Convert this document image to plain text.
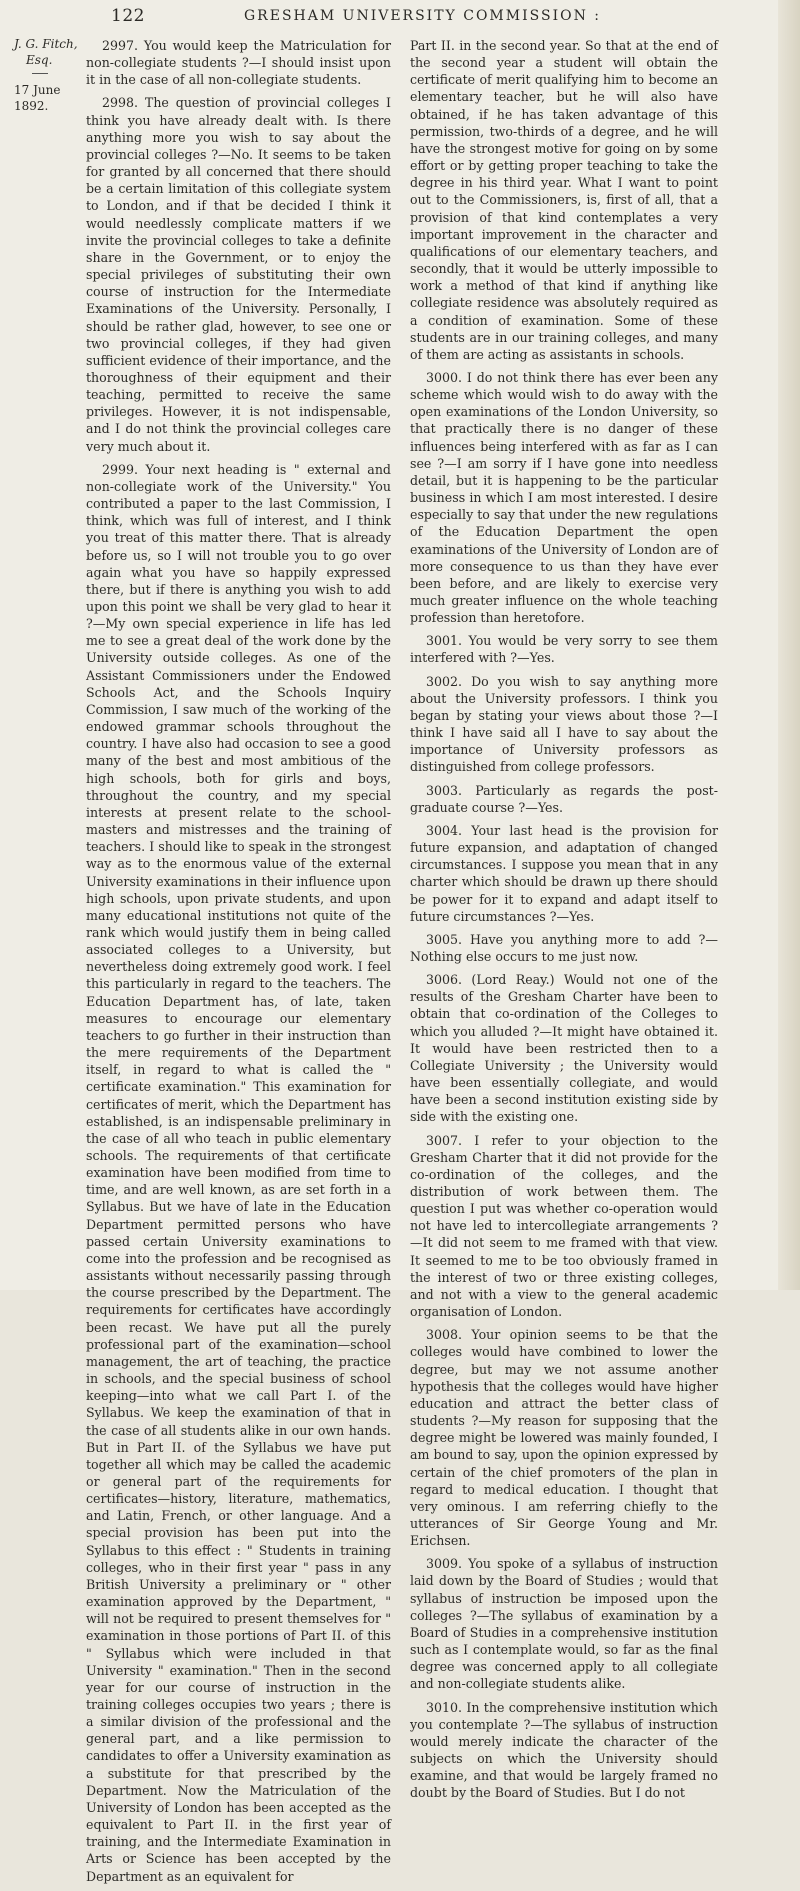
122	GRESHAM UNIVERSITY COMMISSION :
J. G. Fitch,
Esq.
17 June 1892.

2997. You would keep the Matriculation for non-collegiate students ?—I should insist upon it in the case of all non-collegiate students.

2998. The question of provincial colleges I think you have already dealt with. Is there anything more you wish to say about the provincial colleges ?—No. It seems to be taken for granted by all concerned that there should be a certain limitation of this collegiate system to London, and if that be decided I think it would needlessly complicate matters if we invite the provincial colleges to take a definite share in the Government, or to enjoy the special privileges of substituting their own course of instruction for the Intermediate Examinations of the University. Personally, I should be rather glad, however, to see one or two provincial colleges, if they had given sufficient evidence of their importance, and the thoroughness of their equipment and their teaching, permitted to receive the same privileges. However, it is not indispensable, and I do not think the provincial colleges care very much about it.

2999. Your next heading is " external and non-collegiate work of the University." You contributed a paper to the last Commission, I think, which was full of interest, and I think you treat of this matter there. That is already before us, so I will not trouble you to go over again what you have so happily expressed there, but if there is anything you wish to add upon this point we shall be very glad to hear it ?—My own special experience in life has led me to see a great deal of the work done by the University outside colleges. As one of the Assistant Commissioners under the Endowed Schools Act, and the Schools Inquiry Commission, I saw much of the working of the endowed grammar schools throughout the country. I have also had occasion to see a good many of the best and most ambitious of the high schools, both for girls and boys, throughout the country, and my special interests at present relate to the school-masters and mistresses and the training of teachers. I should like to speak in the strongest way as to the enormous value of the external University examinations in their influence upon high schools, upon private students, and upon many educational institutions not quite of the rank which would justify them in being called associated colleges to a University, but nevertheless doing extremely good work. I feel this particularly in regard to the teachers. The Education Department has, of late, taken measures to encourage our elementary teachers to go further in their instruction than the mere requirements of the Department itself, in regard to what is called the " certificate examination." This examination for certificates of merit, which the Department has established, is an indispensable preliminary in the case of all who teach in public elementary schools. The requirements of that certificate examination have been modified from time to time, and are well known, as are set forth in a Syllabus. But we have of late in the Education Department permitted persons who have passed certain University examinations to come into the profession and be recognised as assistants without necessarily passing through the course prescribed by the Department. The requirements for certificates have accordingly been recast. We have put all the purely professional part of the examination—school management, the art of teaching, the practice in schools, and the special business of school keeping—into what we call Part I. of the Syllabus. We keep the examination of that in the case of all students alike in our own hands. But in Part II. of the Syllabus we have put together all which may be called the academic or general part of the requirements for certificates—history, literature, mathematics, and Latin, French, or other language. And a special provision has been put into the Syllabus to this effect : " Students in training colleges, who in their first year " pass in any British University a preliminary or " other examination approved by the Department, " will not be required to present themselves for " examination in those portions of Part II. of this " Syllabus which were included in that University " examination." Then in the second year for our course of instruction in the training colleges occupies two years ; there is a similar division of the professional and the general part, and a like permission to candidates to offer a University examination as a substitute for that prescribed by the Department. Now the Matriculation of the University of London has been accepted as the equivalent to Part II. in the first year of training, and the Intermediate Examination in Arts or Science has been accepted by the Department as an equivalent for

Part II. in the second year. So that at the end of the second year a student will obtain the certificate of merit qualifying him to become an elementary teacher, but he will also have obtained, if he has taken advantage of this permission, two-thirds of a degree, and he will have the strongest motive for going on by some effort or by getting proper teaching to take the degree in his third year. What I want to point out to the Commissioners, is, first of all, that a provision of that kind contemplates a very important improvement in the character and qualifications of our elementary teachers, and secondly, that it would be utterly impossible to work a method of that kind if anything like collegiate residence was absolutely required as a condition of examination. Some of these students are in our training colleges, and many of them are acting as assistants in schools.

3000. I do not think there has ever been any scheme which would wish to do away with the open examinations of the London University, so that practically there is no danger of these influences being interfered with as far as I can see ?—I am sorry if I have gone into needless detail, but it is happening to be the particular business in which I am most interested. I desire especially to say that under the new regulations of the Education Department the open examinations of the University of London are of more consequence to us than they have ever been before, and are likely to exercise very much greater influence on the whole teaching profession than heretofore.

3001. You would be very sorry to see them interfered with ?—Yes.

3002. Do you wish to say anything more about the University professors. I think you began by stating your views about those ?—I think I have said all I have to say about the importance of University professors as distinguished from college professors.

3003. Particularly as regards the post-graduate course ?—Yes.

3004. Your last head is the provision for future expansion, and adaptation of changed circumstances. I suppose you mean that in any charter which should be drawn up there should be power for it to expand and adapt itself to future circumstances ?—Yes.

3005. Have you anything more to add ?—Nothing else occurs to me just now.

3006. (Lord Reay.) Would not one of the results of the Gresham Charter have been to obtain that co-ordination of the Colleges to which you alluded ?—It might have obtained it. It would have been restricted then to a Collegiate University ; the University would have been essentially collegiate, and would have been a second institution existing side by side with the existing one.

3007. I refer to your objection to the Gresham Charter that it did not provide for the co-ordination of the colleges, and the distribution of work between them. The question I put was whether co-operation would not have led to intercollegiate arrangements ?—It did not seem to me framed with that view. It seemed to me to be too obviously framed in the interest of two or three existing colleges, and not with a view to the general academic organisation of London.

3008. Your opinion seems to be that the colleges would have combined to lower the degree, but may we not assume another hypothesis that the colleges would have higher education and attract the better class of students ?—My reason for supposing that the degree might be lowered was mainly founded, I am bound to say, upon the opinion expressed by certain of the chief promoters of the plan in regard to medical education. I thought that very ominous. I am referring chiefly to the utterances of Sir George Young and Mr. Erichsen.

3009. You spoke of a syllabus of instruction laid down by the Board of Studies ; would that syllabus of instruction be imposed upon the colleges ?—The syllabus of examination by a Board of Studies in a comprehensive institution such as I contemplate would, so far as the final degree was concerned apply to all collegiate and non-collegiate students alike.

3010. In the comprehensive institution which you contemplate ?—The syllabus of instruction would merely indicate the character of the subjects on which the University should examine, and that would be largely framed no doubt by the Board of Studies. But I do not
